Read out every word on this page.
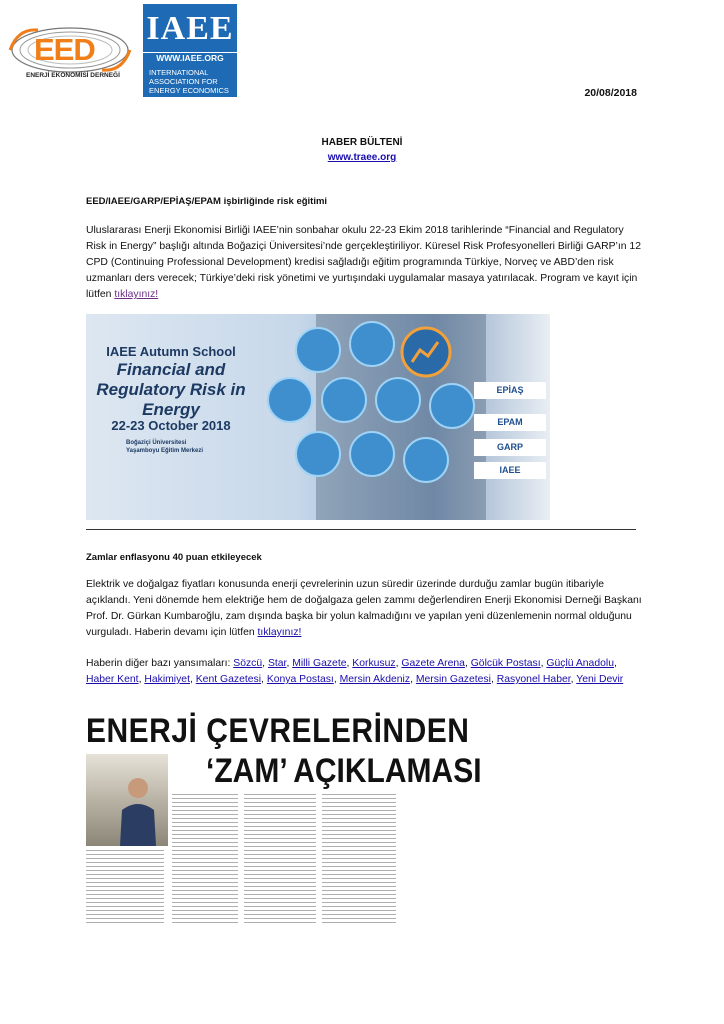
EED
ENERJİ EKONOMİSİ DERNEĞİ
IAEE
WWW.IAEE.ORG
INTERNATIONAL
ASSOCIATION FOR
ENERGY ECONOMICS	20/08/2018
HABER BÜLTENİ
www.traee.org
EED/IAEE/GARP/EPİAŞ/EPAM işbirliğinde risk eğitimi
Uluslararası Enerji Ekonomisi Birliği IAEE’nin sonbahar okulu 22-23 Ekim 2018 tarihlerinde “Financial and Regulatory Risk in Energy” başlığı altında Boğaziçi Üniversitesi’nde gerçekleştiriliyor. Küresel Risk Profesyonelleri Birliği GARP’ın 12 CPD (Continuing Professional Development) kredisi sağladığı eğitim programında Türkiye, Norveç ve ABD’den risk uzmanları ders verecek; Türkiye’deki risk yönetimi ve yurtışındaki uygulamalar masaya yatırılacak. Program ve kayıt için lütfen tıklayınız!
IAEE Autumn School
Financial and
Regulatory Risk in
Energy
22-23 October 2018
Boğaziçi Üniversitesi
Yaşamboyu Eğitim Merkezi
EPİAŞ
EPAM
GARP
IAEE
Zamlar enflasyonu 40 puan etkileyecek
Elektrik ve doğalgaz fiyatları konusunda enerji çevrelerinin uzun süredir üzerinde durduğu zamlar bugün itibariyle açıklandı. Yeni dönemde hem elektriğe hem de doğalgaza gelen zammı değerlendiren Enerji Ekonomisi Derneği Başkanı Prof. Dr. Gürkan Kumbaroğlu, zam dışında başka bir yolun kalmadığını ve yapılan yeni düzenlemenin normal olduğunu vurguladı. Haberin devamı için lütfen tıklayınız!
Haberin diğer bazı yansımaları: Sözcü, Star, Milli Gazete, Korkusuz, Gazete Arena, Gölcük Postası, Güçlü Anadolu, Haber Kent, Hakimiyet, Kent Gazetesi, Konya Postası, Mersin Akdeniz, Mersin Gazetesi, Rasyonel Haber, Yeni Devir
ENERJİ ÇEVRELERİNDEN
‘ZAM’ AÇIKLAMASI
